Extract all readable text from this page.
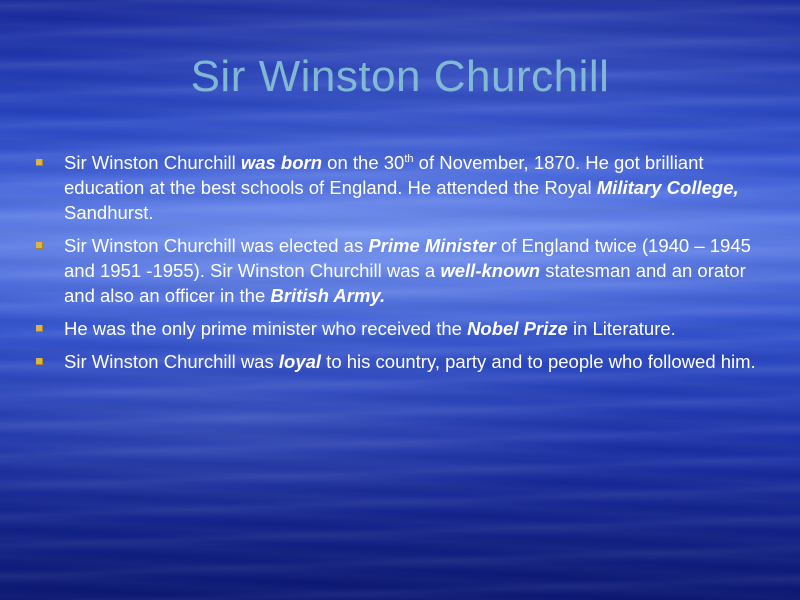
Sir Winston Churchill
Sir Winston Churchill was born on the 30th of November, 1870. He got brilliant education at the best schools of England. He attended the Royal Military College, Sandhurst.
Sir Winston Churchill was elected as Prime Minister of England twice (1940 – 1945 and 1951 -1955). Sir Winston Churchill was a well-known statesman and an orator and also an officer in the British Army.
He was the only prime minister who received the Nobel Prize in Literature.
Sir Winston Churchill was loyal to his country, party and to people who followed him.
